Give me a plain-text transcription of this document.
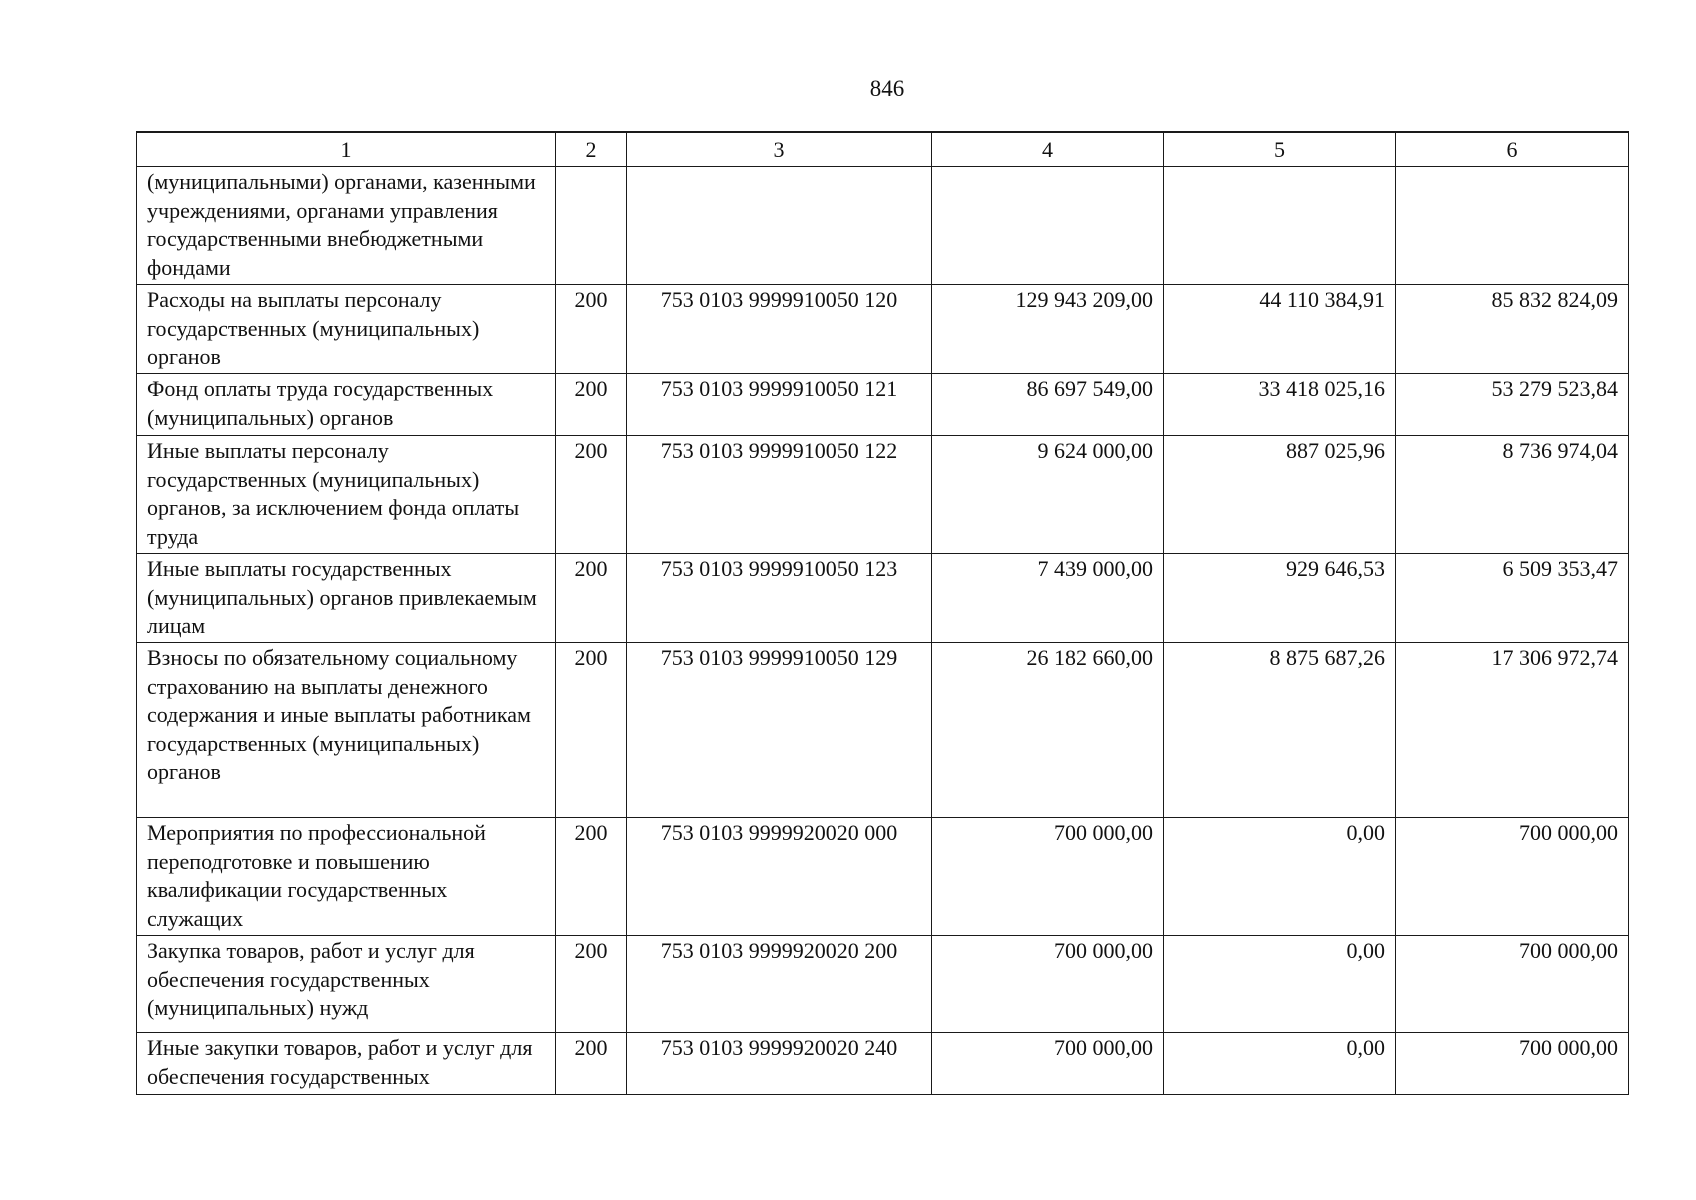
846
1	2	3	4	5	6
(муниципальными) органами, казенными учреждениями, органами управления государственными внебюджетными фондами					
Расходы на выплаты персоналу государственных (муниципальных) органов	200	753 0103 9999910050 120	129 943 209,00	44 110 384,91	85 832 824,09
Фонд оплаты труда государственных (муниципальных) органов	200	753 0103 9999910050 121	86 697 549,00	33 418 025,16	53 279 523,84
Иные выплаты персоналу государственных (муниципальных) органов, за исключением фонда оплаты труда	200	753 0103 9999910050 122	9 624 000,00	887 025,96	8 736 974,04
Иные выплаты государственных (муниципальных) органов привлекаемым лицам	200	753 0103 9999910050 123	7 439 000,00	929 646,53	6 509 353,47
Взносы по обязательному социальному страхованию на выплаты денежного содержания и иные выплаты работникам государственных (муниципальных) органов	200	753 0103 9999910050 129	26 182 660,00	8 875 687,26	17 306 972,74
Мероприятия по профессиональной переподготовке и повышению квалификации государственных служащих	200	753 0103 9999920020 000	700 000,00	0,00	700 000,00
Закупка товаров, работ и услуг для обеспечения государственных (муниципальных) нужд	200	753 0103 9999920020 200	700 000,00	0,00	700 000,00
Иные закупки товаров, работ и услуг для обеспечения государственных	200	753 0103 9999920020 240	700 000,00	0,00	700 000,00
